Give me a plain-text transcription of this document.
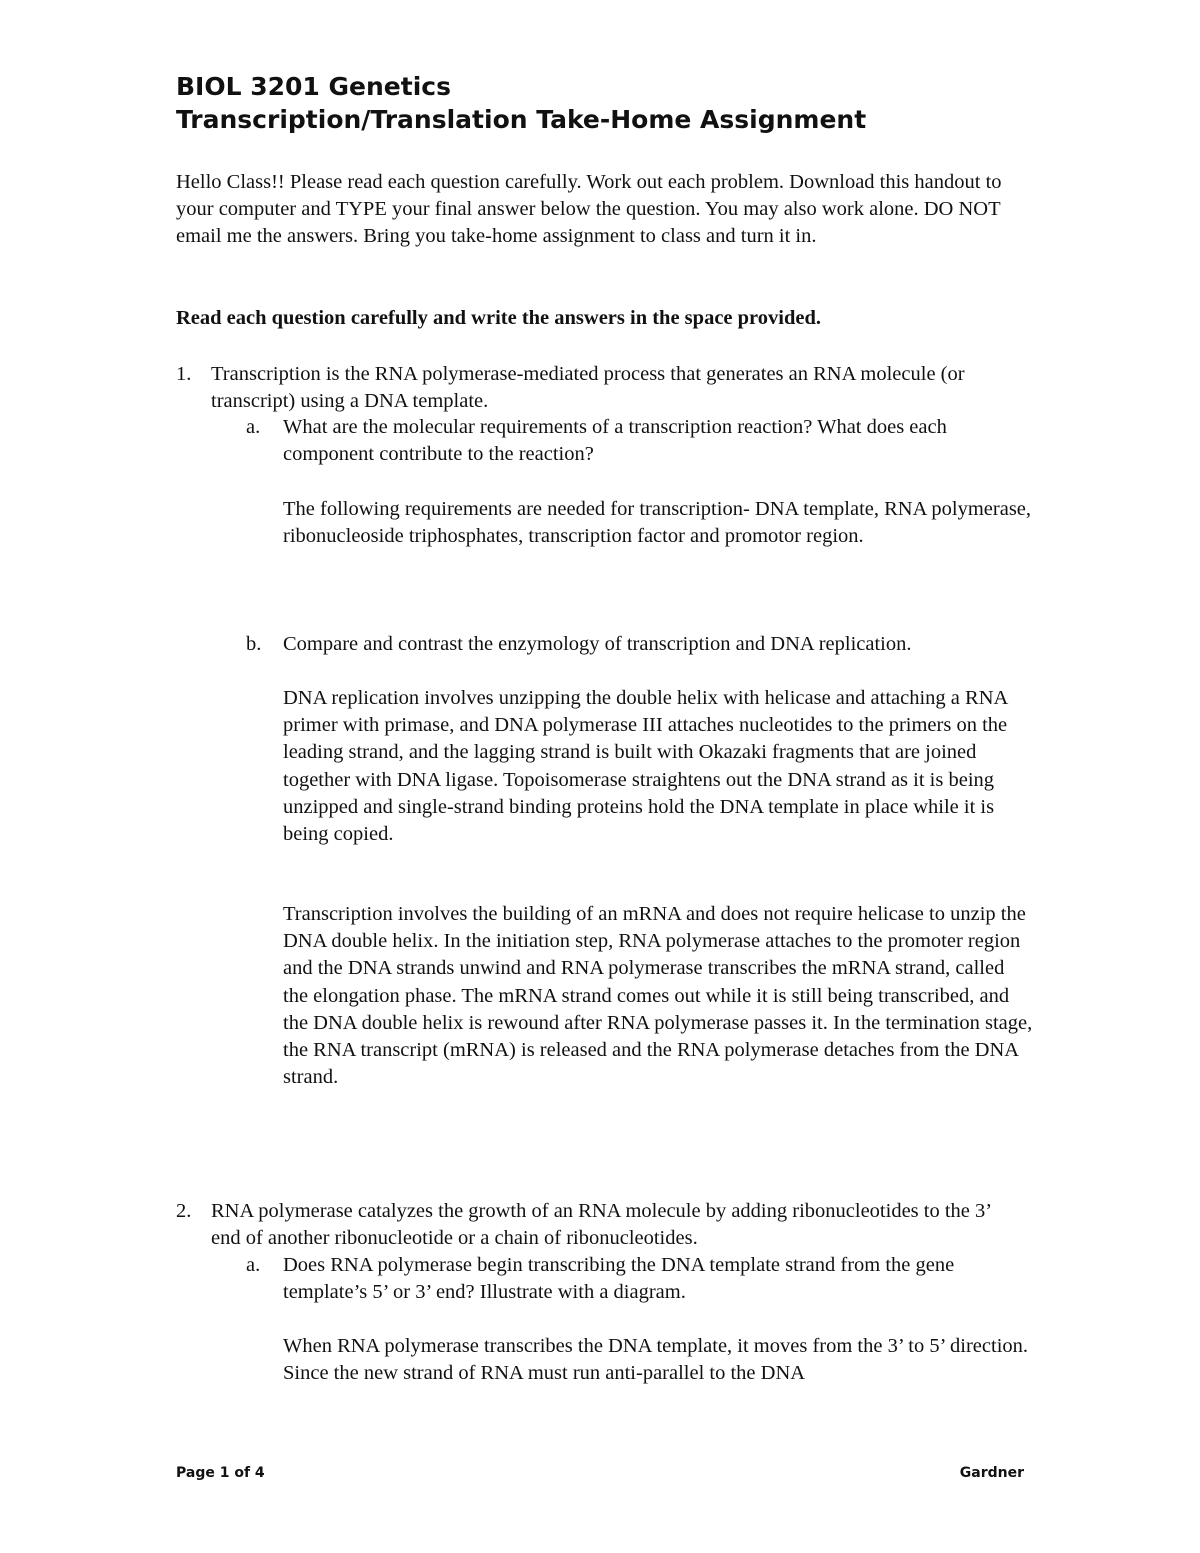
BIOL 3201 Genetics
Transcription/Translation Take-Home Assignment

Hello Class!! Please read each question carefully. Work out each problem. Download this handout to your computer and TYPE your final answer below the question. You may also work alone. DO NOT email me the answers. Bring you take-home assignment to class and turn it in.

Read each question carefully and write the answers in the space provided.

1. Transcription is the RNA polymerase-mediated process that generates an RNA molecule (or transcript) using a DNA template.

a. What are the molecular requirements of a transcription reaction? What does each component contribute to the reaction?

The following requirements are needed for transcription- DNA template, RNA polymerase, ribonucleoside triphosphates, transcription factor and promotor region.

b. Compare and contrast the enzymology of transcription and DNA replication.

DNA replication involves unzipping the double helix with helicase and attaching a RNA primer with primase, and DNA polymerase III attaches nucleotides to the primers on the leading strand, and the lagging strand is built with Okazaki fragments that are joined together with DNA ligase. Topoisomerase straightens out the DNA strand as it is being unzipped and single-strand binding proteins hold the DNA template in place while it is being copied.

Transcription involves the building of an mRNA and does not require helicase to unzip the DNA double helix. In the initiation step, RNA polymerase attaches to the promoter region and the DNA strands unwind and RNA polymerase transcribes the mRNA strand, called the elongation phase. The mRNA strand comes out while it is still being transcribed, and the DNA double helix is rewound after RNA polymerase passes it. In the termination stage, the RNA transcript (mRNA) is released and the RNA polymerase detaches from the DNA strand.

2. RNA polymerase catalyzes the growth of an RNA molecule by adding ribonucleotides to the 3’ end of another ribonucleotide or a chain of ribonucleotides.

a. Does RNA polymerase begin transcribing the DNA template strand from the gene template’s 5’ or 3’ end? Illustrate with a diagram.

When RNA polymerase transcribes the DNA template, it moves from the 3’ to 5’ direction. Since the new strand of RNA must run anti-parallel to the DNA

Page 1 of 4	Gardner
